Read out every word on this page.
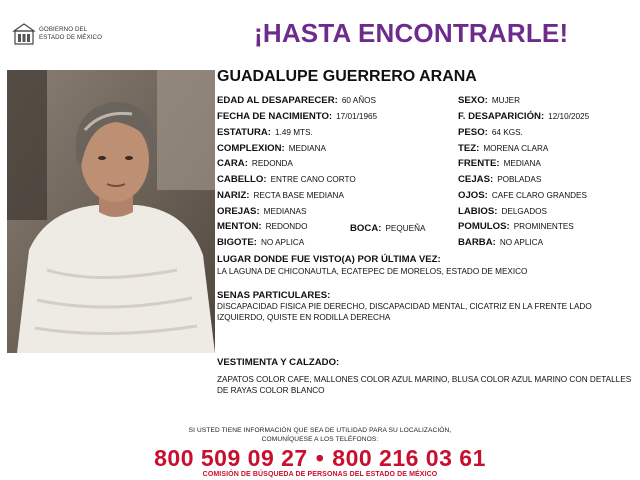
GOBIERNO DEL
ESTADO DE MÉXICO	¡HASTA ENCONTRARLE!
GUADALUPE GUERRERO ARANA
EDAD AL DESAPARECER: 60 AÑOS	SEXO: MUJER
FECHA DE NACIMIENTO: 17/01/1965	F. DESAPARICIÓN: 12/10/2025
ESTATURA: 1.49 MTS.	PESO: 64 KGS.
COMPLEXION: MEDIANA	TEZ: MORENA CLARA
CARA: REDONDA	FRENTE: MEDIANA
CABELLO: ENTRE CANO CORTO	CEJAS: POBLADAS
NARIZ: RECTA BASE MEDIANA	OJOS: CAFE CLARO GRANDES
OREJAS: MEDIANAS	LABIOS: DELGADOS
MENTON: REDONDO	BOCA: PEQUEÑA	POMULOS: PROMINENTES
BIGOTE: NO APLICA	BARBA: NO APLICA
LUGAR DONDE FUE VISTO(A) POR ÚLTIMA VEZ:
LA LAGUNA DE CHICONAUTLA, ECATEPEC DE MORELOS, ESTADO DE MEXICO
SENAS PARTICULARES:
DISCAPACIDAD FISICA PIE DERECHO, DISCAPACIDAD MENTAL, CICATRIZ EN LA FRENTE LADO IZQUIERDO, QUISTE EN RODILLA DERECHA
VESTIMENTA Y CALZADO:
ZAPATOS COLOR CAFE, MALLONES COLOR AZUL MARINO, BLUSA COLOR AZUL MARINO CON DETALLES DE RAYAS COLOR BLANCO
SI USTED TIENE INFORMACIÓN QUE SEA DE UTILIDAD PARA SU LOCALIZACIÓN,
COMUNÍQUESE A LOS TELÉFONOS:
800 509 09 27 • 800 216 03 61
COMISIÓN DE BÚSQUEDA DE PERSONAS DEL ESTADO DE MÉXICO
